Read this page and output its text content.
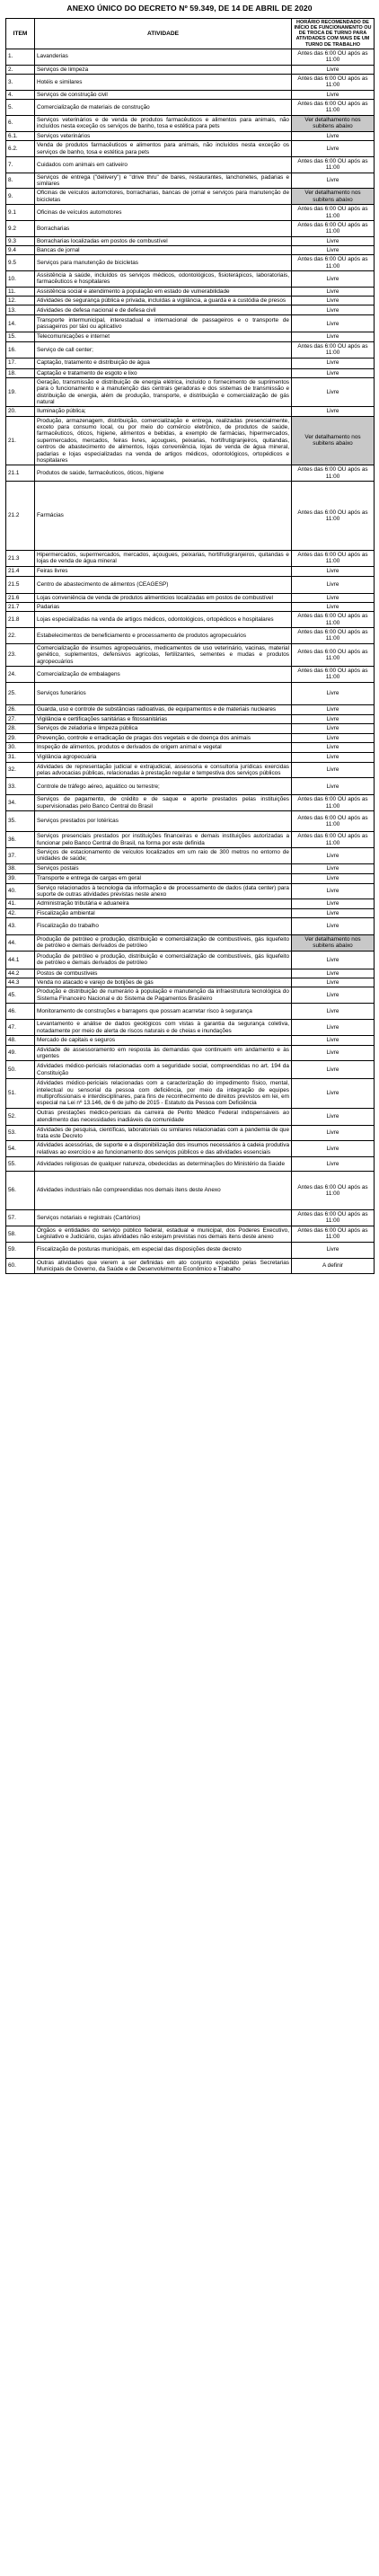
ANEXO ÚNICO DO DECRETO Nº 59.349, DE 14 DE ABRIL DE 2020
ITEM	ATIVIDADE	HORÁRIO RECOMENDADO DE INÍCIO DE FUNCIONAMENTO OU DE TROCA DE TURNO PARA ATIVIDADES COM MAIS DE UM TURNO DE TRABALHO
1.	Lavanderias	Antes das 6:00 OU após as 11:00
2.	Serviços de limpeza	Livre
3.	Hotéis e similares	Antes das 6:00 OU após as 11:00
4.	Serviços de construção civil	Livre
5.	Comercialização de materiais de construção	Antes das 6:00 OU após as 11:00
6.	Serviços veterinários e de venda de produtos farmacêuticos e alimentos para animais, não incluídos nesta exceção os serviços de banho, tosa e estética para pets	Ver detalhamento nos subitens abaixo
6.1.	Serviços veterinários	Livre
6.2.	Venda de produtos farmacêuticos e alimentos para animais, não incluídos nesta exceção os serviços de banho, tosa e estética para pets	Livre
7.	Cuidados com animais em cativeiro	Antes das 6:00 OU após as 11:00
8.	Serviços de entrega ("delivery") e "drive thru" de bares, restaurantes, lanchonetes, padarias e similares	Livre
9.	Oficinas de veículos automotores, borracharias, bancas de jornal e serviços para manutenção de bicicletas	Ver detalhamento nos subitens abaixo
9.1	Oficinas de veículos automotores	Antes das 6:00 OU após as 11:00
9.2	Borracharias	Antes das 6:00 OU após as 11:00
9.3	Borracharias localizadas em postos de combustível	Livre
9.4	Bancas de jornal	Livre
9.5	Serviços para manutenção de bicicletas	Antes das 6:00 OU após as 11:00
10.	Assistência à saúde, incluídos os serviços médicos, odontológicos, fisioterápicos, laboratoriais, farmacêuticos e hospitalares	Livre
11.	Assistência social e atendimento à população em estado de vulnerabilidade	Livre
12.	Atividades de segurança pública e privada, incluídas a vigilância, a guarda e a custódia de presos	Livre
13.	Atividades de defesa nacional e de defesa civil	Livre
14.	Transporte intermunicipal, interestadual e internacional de passageiros e o transporte de passageiros por táxi ou aplicativo	Livre
15.	Telecomunicações e internet	Livre
16.	Serviço de call center;	Antes das 6:00 OU após as 11:00
17.	Captação, tratamento e distribuição de água	Livre
18.	Captação e tratamento de esgoto e lixo	Livre
19.	Geração, transmissão e distribuição de energia elétrica, incluído o fornecimento de suprimentos para o funcionamento e a manutenção das centrais geradoras e dos sistemas de transmissão e distribuição de energia, além de produção, transporte, e distribuição e comercialização de gás natural	Livre
20.	Iluminação pública;	Livre
21.	Produção, armazenagem, distribuição, comercialização e entrega, realizadas presencialmente, exceto para consumo local, ou por meio do comércio eletrônico, de produtos de saúde, farmacêuticos, óticos, higiene, alimentos e bebidas, a exemplo de farmácias, hipermercados, supermercados, mercados, feiras livres, açougues, peixarias, hortifrutigranjeiros, quitandas, centros de abastecimento de alimentos, lojas conveniência, lojas de venda de água mineral, padarias e lojas especializadas na venda de artigos médicos, odontológicos, ortopédicos e hospitalares	Ver detalhamento nos subitens abaixo
21.1	Produtos de saúde, farmacêuticos, óticos, higiene	Antes das 6:00 OU após as 11:00
21.2	Farmácias	Antes das 6:00 OU após as 11:00
21.3	Hipermercados, supermercados, mercados, açougues, peixarias, hortifrutigranjeiros, quitandas e lojas de venda de água mineral	Antes das 6:00 OU após as 11:00
21.4	Feiras livres	Livre
21.5	Centro de abastecimento de alimentos (CEAGESP)	Livre
21.6	Lojas conveniência de venda de produtos alimentícios localizadas em postos de combustível	Livre
21.7	Padarias	Livre
21.8	Lojas especializadas na venda de artigos médicos, odontológicos, ortopédicos e hospitalares	Antes das 6:00 OU após as 11:00
22.	Estabelecimentos de beneficiamento e processamento de produtos agropecuários	Antes das 6:00 OU após as 11:00
23.	Comercialização de insumos agropecuários, medicamentos de uso veterinário, vacinas, material genético, suplementos, defensivos agrícolas, fertilizantes, sementes e mudas e produtos agropecuários	Antes das 6:00 OU após as 11:00
24.	Comercialização de embalagens	Antes das 6:00 OU após as 11:00
25.	Serviços funerários	Livre
26.	Guarda, uso e controle de substâncias radioativas, de equipamentos e de materiais nucleares	Livre
27.	Vigilância e certificações sanitárias e fitossanitárias	Livre
28.	Serviços de zeladoria e limpeza pública	Livre
29.	Prevenção, controle e erradicação de pragas dos vegetais e de doença dos animais	Livre
30.	Inspeção de alimentos, produtos e derivados de origem animal e vegetal	Livre
31.	Vigilância agropecuária	Livre
32.	Atividades de representação judicial e extrajudicial, assessoria e consultoria jurídicas exercidas pelas advocacias públicas, relacionadas à prestação regular e tempestiva dos serviços públicos	Livre
33.	Controle de tráfego aéreo, aquático ou terrestre;	Livre
34.	Serviços de pagamento, de crédito e de saque e aporte prestados pelas instituições supervisionadas pelo Banco Central do Brasil	Antes das 6:00 OU após as 11:00
35.	Serviços prestados por lotéricas	Antes das 6:00 OU após as 11:00
36.	Serviços presenciais prestados por instituições financeiras e demais instituições autorizadas a funcionar pelo Banco Central do Brasil, na forma por este definida	Antes das 6:00 OU após as 11:00
37.	Serviços de estacionamento de veículos localizados em um raio de 300 metros no entorno de unidades de saúde;	Livre
38.	Serviços postais	Livre
39.	Transporte e entrega de cargas em geral	Livre
40.	Serviço relacionados à tecnologia da informação e de processamento de dados (data center) para suporte de outras atividades previstas neste anexo	Livre
41.	Administração tributária e aduaneira	Livre
42.	Fiscalização ambiental	Livre
43.	Fiscalização do trabalho	Livre
44.	Produção de petróleo e produção, distribuição e comercialização de combustíveis, gás liquefeito de petróleo e demais derivados de petróleo	Ver detalhamento nos subitens abaixo
44.1	Produção de petróleo e produção, distribuição e comercialização de combustíveis, gás liquefeito de petróleo e demais derivados de petróleo	Livre
44.2	Postos de combustíveis	Livre
44.3	Venda no atacado e varejo de botijões de gás	Livre
45.	Produção e distribuição de numerário à população e manutenção da infraestrutura tecnológica do Sistema Financeiro Nacional e do Sistema de Pagamentos Brasileiro	Livre
46.	Monitoramento de construções e barragens que possam acarretar risco à segurança	Livre
47.	Levantamento e análise de dados geológicos com vistas à garantia da segurança coletiva, notadamente por meio de alerta de riscos naturais e de cheias e inundações	Livre
48.	Mercado de capitais e seguros	Livre
49.	Atividade de assessoramento em resposta às demandas que continuem em andamento e às urgentes	Livre
50.	Atividades médico-periciais relacionadas com a seguridade social, compreendidas no art. 194 da Constituição	Livre
51.	Atividades médico-periciais relacionadas com a caracterização do impedimento físico, mental, intelectual ou sensorial da pessoa com deficiência, por meio da integração de equipes multiprofissionais e interdisciplinares, para fins de reconhecimento de direitos previstos em lei, em especial na Lei nº 13.146, de 6 de julho de 2015 - Estatuto da Pessoa com Deficiência	Livre
52.	Outras prestações médico-periciais da carreira de Perito Médico Federal indispensáveis ao atendimento das necessidades inadiáveis da comunidade	Livre
53.	Atividades de pesquisa, científicas, laboratoriais ou similares relacionadas com a pandemia de que trata este Decreto	Livre
54.	Atividades acessórias, de suporte e a disponibilização dos insumos necessários à cadeia produtiva relativas ao exercício e ao funcionamento dos serviços públicos e das atividades essenciais	Livre
55.	Atividades religiosas de qualquer natureza, obedecidas as determinações do Ministério da Saúde	Livre
56.	Atividades industriais não compreendidas nos demais itens deste Anexo	Antes das 6:00 OU após as 11:00
57.	Serviços notariais e registrais (Cartórios)	Antes das 6:00 OU após as 11:00
58.	Órgãos e entidades do serviço público federal, estadual e municipal, dos Poderes Executivo, Legislativo e Judiciário, cujas atividades não estejam previstas nos demais itens deste anexo	Antes das 6:00 OU após as 11:00
59.	Fiscalização de posturas municipais, em especial das disposições deste decreto	Livre
60.	Outras atividades que vierem a ser definidas em ato conjunto expedido pelas Secretarias Municipais de Governo, da Saúde e de Desenvolvimento Econômico e Trabalho	A definir
